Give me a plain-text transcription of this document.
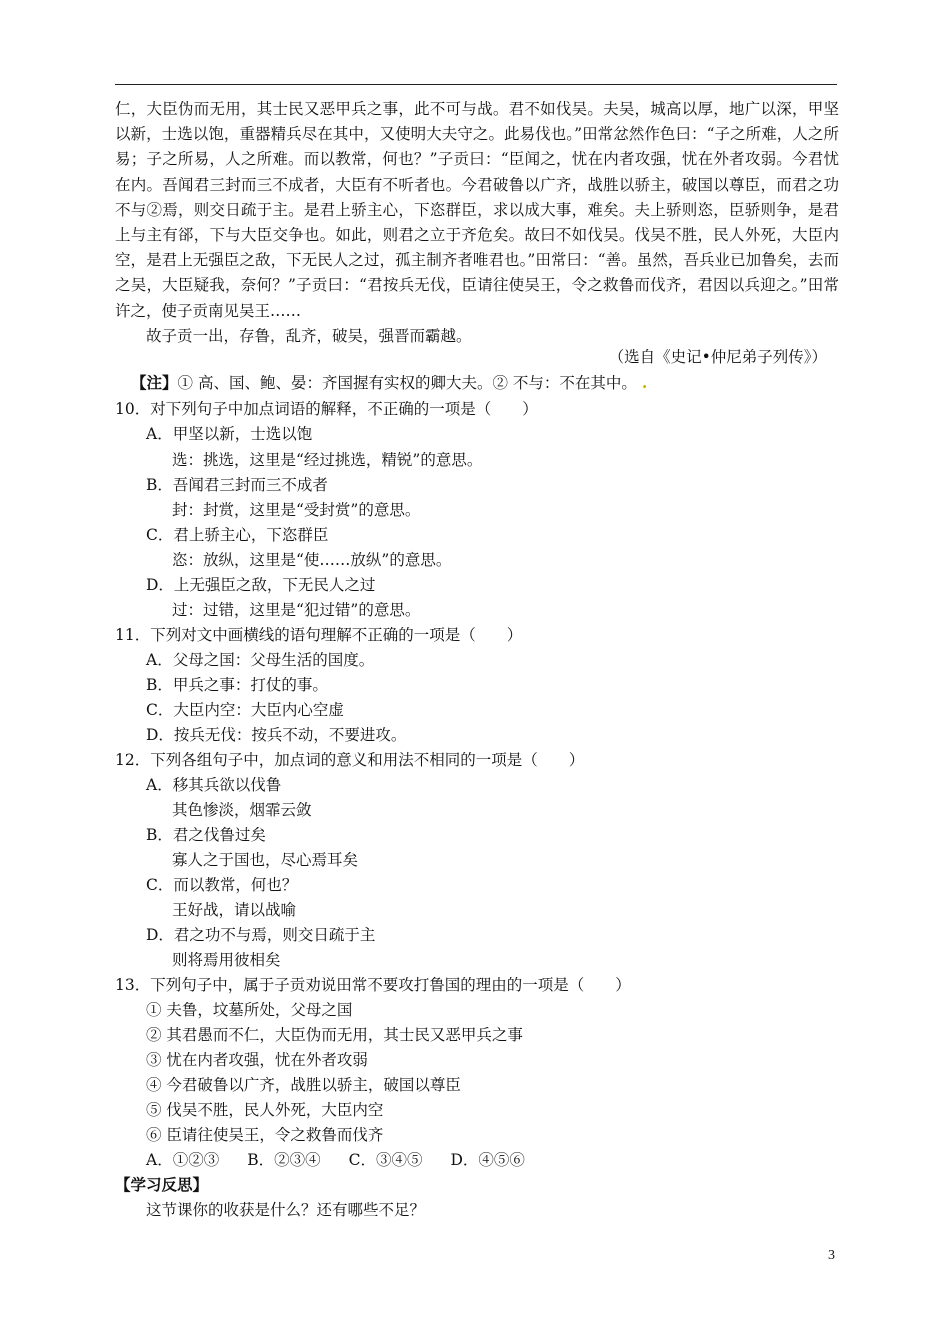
仁，大臣伪而无用，其士民又恶甲兵之事，此不可与战。君不如伐吴。夫吴，城高以厚，地广以深，甲坚以新，士选以饱，重器精兵尽在其中，又使明大夫守之。此易伐也。”田常忿然作色曰：“子之所难，人之所易；子之所易，人之所难。而以教常，何也？”子贡曰：“臣闻之，忧在内者攻强，忧在外者攻弱。今君忧在内。吾闻君三封而三不成者，大臣有不听者也。今君破鲁以广齐，战胜以骄主，破国以尊臣，而君之功不与②焉，则交日疏于主。是君上骄主心，下恣群臣，求以成大事，难矣。夫上骄则恣，臣骄则争，是君上与主有郤，下与大臣交争也。如此，则君之立于齐危矣。故曰不如伐吴。伐吴不胜，民人外死，大臣内空，是君上无强臣之敌，下无民人之过，孤主制齐者唯君也。”田常曰：“善。虽然，吾兵业已加鲁矣，去而之吴，大臣疑我，奈何？”子贡曰：“君按兵无伐，臣请往使吴王，令之救鲁而伐齐，君因以兵迎之。”田常许之，使子贡南见吴王……

故子贡一出，存鲁，乱齐，破吴，强晋而霸越。

（选自《史记•仲尼弟子列传》）
【注】① 高、国、鲍、晏：齐国握有实权的卿大夫。② 不与：不在其中。 .
10．对下列句子中加点词语的解释，不正确的一项是（　　）
A．甲坚以新，士选以饱
选：挑选，这里是“经过挑选，精锐”的意思。
B．吾闻君三封而三不成者
封：封赏，这里是“受封赏”的意思。
C．君上骄主心，下恣群臣
恣：放纵，这里是“使……放纵”的意思。
D．上无强臣之敌，下无民人之过
过：过错，这里是“犯过错”的意思。
11．下列对文中画横线的语句理解不正确的一项是（　　）
A．父母之国：父母生活的国度。
B．甲兵之事：打仗的事。
C．大臣内空：大臣内心空虚
D．按兵无伐：按兵不动，不要进攻。
12．下列各组句子中，加点词的意义和用法不相同的一项是（　　）
A．移其兵欲以伐鲁
其色惨淡，烟霏云敛
B．君之伐鲁过矣
寡人之于国也，尽心焉耳矣
C．而以教常，何也？
王好战，请以战喻
D．君之功不与焉，则交日疏于主
则将焉用彼相矣
13．下列句子中，属于子贡劝说田常不要攻打鲁国的理由的一项是（　　）
① 夫鲁，坟墓所处，父母之国
② 其君愚而不仁，大臣伪而无用，其士民又恶甲兵之事
③ 忧在内者攻强，忧在外者攻弱
④ 今君破鲁以广齐，战胜以骄主，破国以尊臣
⑤ 伐吴不胜，民人外死，大臣内空
⑥ 臣请往使吴王，令之救鲁而伐齐
A．①②③ B．②③④ C．③④⑤ D．④⑤⑥
【学习反思】
这节课你的收获是什么？还有哪些不足？
3
